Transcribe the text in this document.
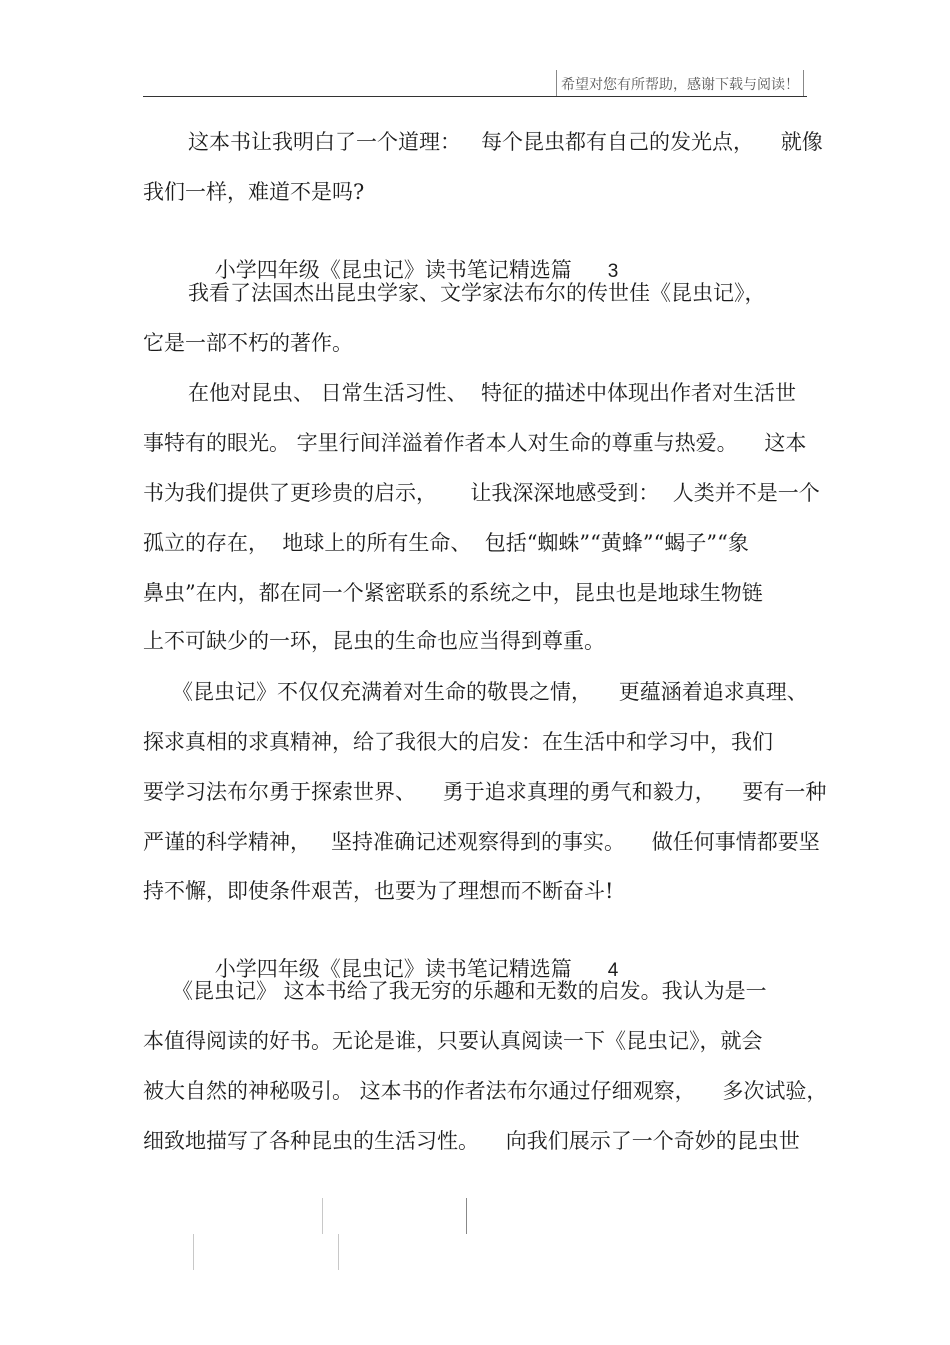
希望对您有所帮助，感谢下载与阅读！
这本书让我明白了一个道理：   每个昆虫都有自己的发光点，    就像
我们一样，难道不是吗?

小学四年级《昆虫记》读书笔记精选篇 3

我看了法国杰出昆虫学家、文学家法布尔的传世佳《昆虫记》，
它是一部不朽的著作。
在他对昆虫、 日常生活习性、  特征的描述中体现出作者对生活世
事特有的眼光。 字里行间洋溢着作者本人对生命的尊重与热爱。    这本
书为我们提供了更珍贵的启示，     让我深深地感受到：  人类并不是一个
孤立的存在，  地球上的所有生命、  包括“蜘蛛”“黄蜂”“蝎子”“象
鼻虫”在内，都在同一个紧密联系的系统之中，昆虫也是地球生物链
上不可缺少的一环，昆虫的生命也应当得到尊重。
《昆虫记》不仅仅充满着对生命的敬畏之情，    更蕴涵着追求真理、
探求真相的求真精神，给了我很大的启发：在生活中和学习中，我们
要学习法布尔勇于探索世界、    勇于追求真理的勇气和毅力，    要有一种
严谨的科学精神，   坚持准确记述观察得到的事实。    做任何事情都要坚
持不懈，即使条件艰苦，也要为了理想而不断奋斗!

小学四年级《昆虫记》读书笔记精选篇 4

《昆虫记》 这本书给了我无穷的乐趣和无数的启发。我认为是一
本值得阅读的好书。无论是谁，只要认真阅读一下《昆虫记》，就会
被大自然的神秘吸引。 这本书的作者法布尔通过仔细观察，    多次试验，
细致地描写了各种昆虫的生活习性。    向我们展示了一个奇妙的昆虫世
